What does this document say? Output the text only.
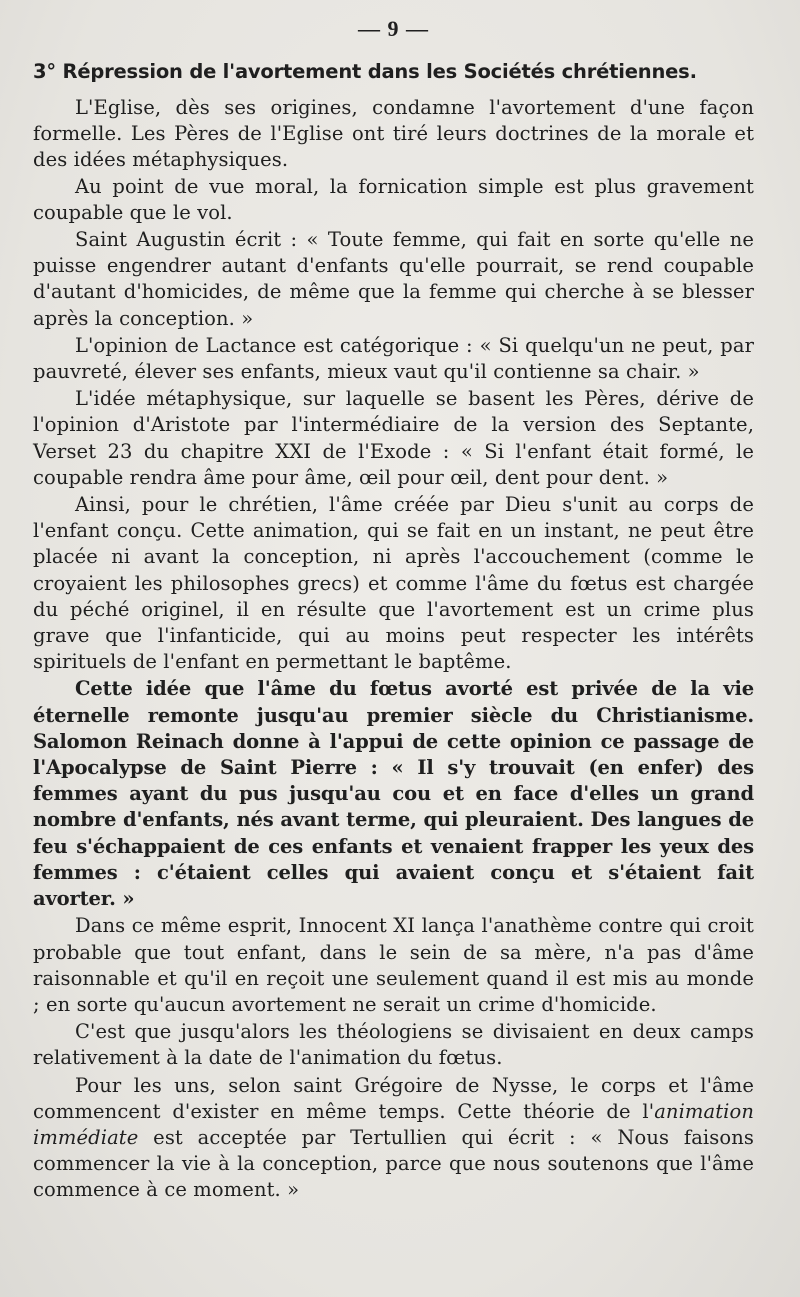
— 9 —
3° Répression de l'avortement dans les Sociétés chrétiennes.

L'Eglise, dès ses origines, condamne l'avortement d'une façon formelle. Les Pères de l'Eglise ont tiré leurs doctrines de la morale et des idées métaphysiques.

Au point de vue moral, la fornication simple est plus gravement coupable que le vol.

Saint Augustin écrit : « Toute femme, qui fait en sorte qu'elle ne puisse engendrer autant d'enfants qu'elle pourrait, se rend coupable d'autant d'homicides, de même que la femme qui cherche à se blesser après la conception. »

L'opinion de Lactance est catégorique : « Si quelqu'un ne peut, par pauvreté, élever ses enfants, mieux vaut qu'il contienne sa chair. »

L'idée métaphysique, sur laquelle se basent les Pères, dérive de l'opinion d'Aristote par l'intermédiaire de la version des Septante, Verset 23 du chapitre XXI de l'Exode : « Si l'enfant était formé, le coupable rendra âme pour âme, œil pour œil, dent pour dent. »

Ainsi, pour le chrétien, l'âme créée par Dieu s'unit au corps de l'enfant conçu. Cette animation, qui se fait en un instant, ne peut être placée ni avant la conception, ni après l'accouchement (comme le croyaient les philosophes grecs) et comme l'âme du fœtus est chargée du péché originel, il en résulte que l'avortement est un crime plus grave que l'infanticide, qui au moins peut respecter les intérêts spirituels de l'enfant en permettant le baptême.

Cette idée que l'âme du fœtus avorté est privée de la vie éternelle remonte jusqu'au premier siècle du Christianisme. Salomon Reinach donne à l'appui de cette opinion ce passage de l'Apocalypse de Saint Pierre : « Il s'y trouvait (en enfer) des femmes ayant du pus jusqu'au cou et en face d'elles un grand nombre d'enfants, nés avant terme, qui pleuraient. Des langues de feu s'échappaient de ces enfants et venaient frapper les yeux des femmes : c'étaient celles qui avaient conçu et s'étaient fait avorter. »

Dans ce même esprit, Innocent XI lança l'anathème contre qui croit probable que tout enfant, dans le sein de sa mère, n'a pas d'âme raisonnable et qu'il en reçoit une seulement quand il est mis au monde ; en sorte qu'aucun avortement ne serait un crime d'homicide.

C'est que jusqu'alors les théologiens se divisaient en deux camps relativement à la date de l'animation du fœtus.

Pour les uns, selon saint Grégoire de Nysse, le corps et l'âme commencent d'exister en même temps. Cette théorie de l'animation immédiate est acceptée par Tertullien qui écrit : « Nous faisons commencer la vie à la conception, parce que nous soutenons que l'âme commence à ce moment. »
